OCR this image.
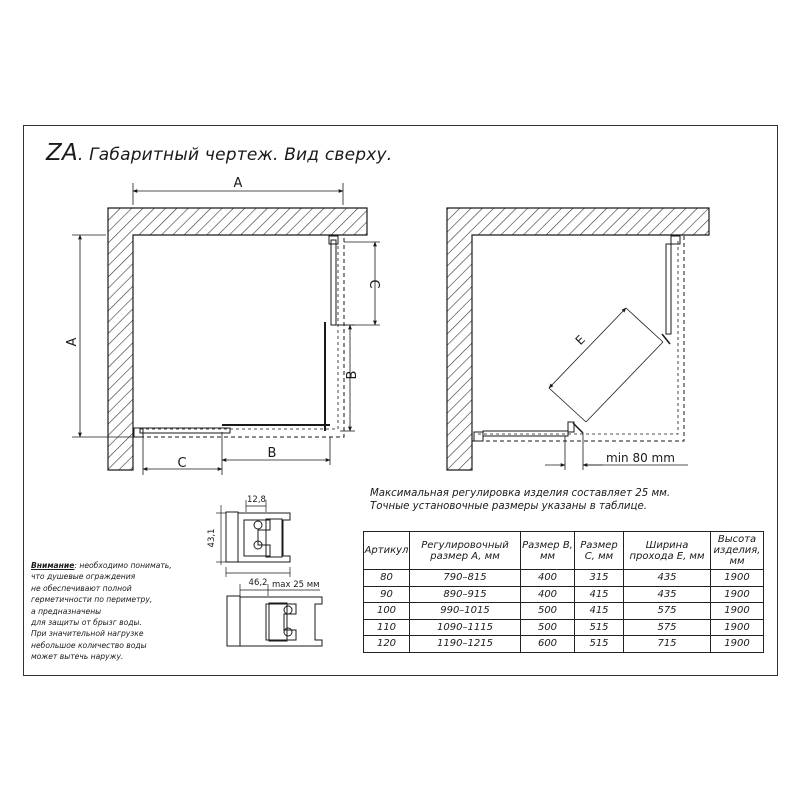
ZA. Габаритный чертеж. Вид сверху.
A
A
C
B
C
B
E
min 80 mm
12,8
43,1
46,2 max 25 мм
Максимальная регулировка изделия составляет 25 мм.
Точные установочные размеры указаны в таблице.
Внимание: необходимо понимать,
что душевые ограждения
не обеспечивают полной
герметичности по периметру,
а предназначены
для защиты от брызг воды.
При значительной нагрузке
небольшое количество воды
может вытечь наружу.
Артикул	Регулировочный размер A, мм	Размер B, мм	Размер C, мм	Ширина прохода E, мм	Высота изделия, мм
80	790–815	400	315	435	1900
90	890–915	400	415	435	1900
100	990–1015	500	415	575	1900
110	1090–1115	500	515	575	1900
120	1190–1215	600	515	715	1900
